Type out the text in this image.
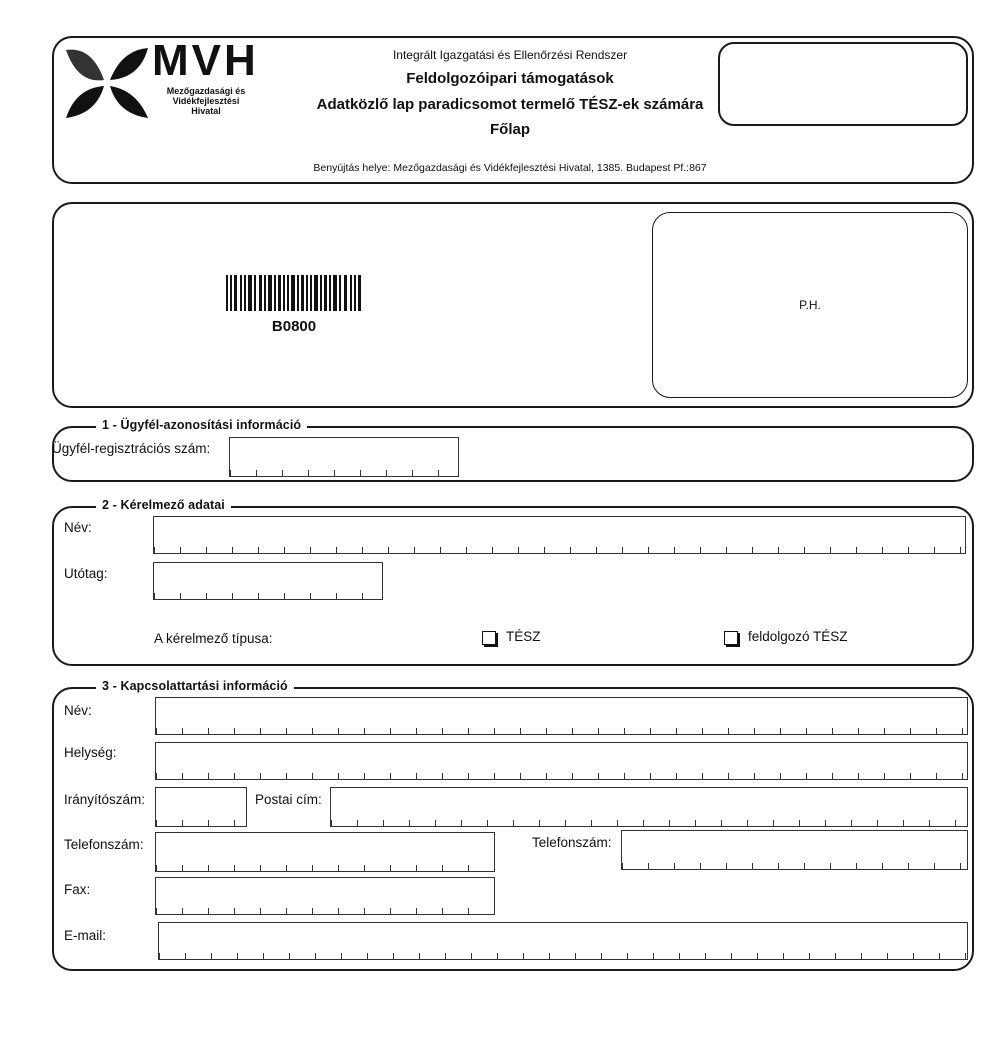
MVH
Mezőgazdasági és
Vidékfejlesztési
Hivatal
Integrált Igazgatási és Ellenőrzési Rendszer
Feldolgozóipari támogatások
Adatközlő lap paradicsomot termelő TÉSZ-ek számára
Főlap
Benyújtás helye: Mezőgazdasági és Vidékfejlesztési Hivatal, 1385. Budapest Pf.:867
B0800
P.H.
1 - Ügyfél-azonosítási információ
Ügyfél-regisztrációs szám:
2 - Kérelmező adatai
Név:
Utótag:
A kérelmező típusa:	TÉSZ	feldolgozó TÉSZ
3 - Kapcsolattartási információ
Név:
Helység:
Irányítószám:	Postai cím:
Telefonszám:	Telefonszám:
Fax:
E-mail:
